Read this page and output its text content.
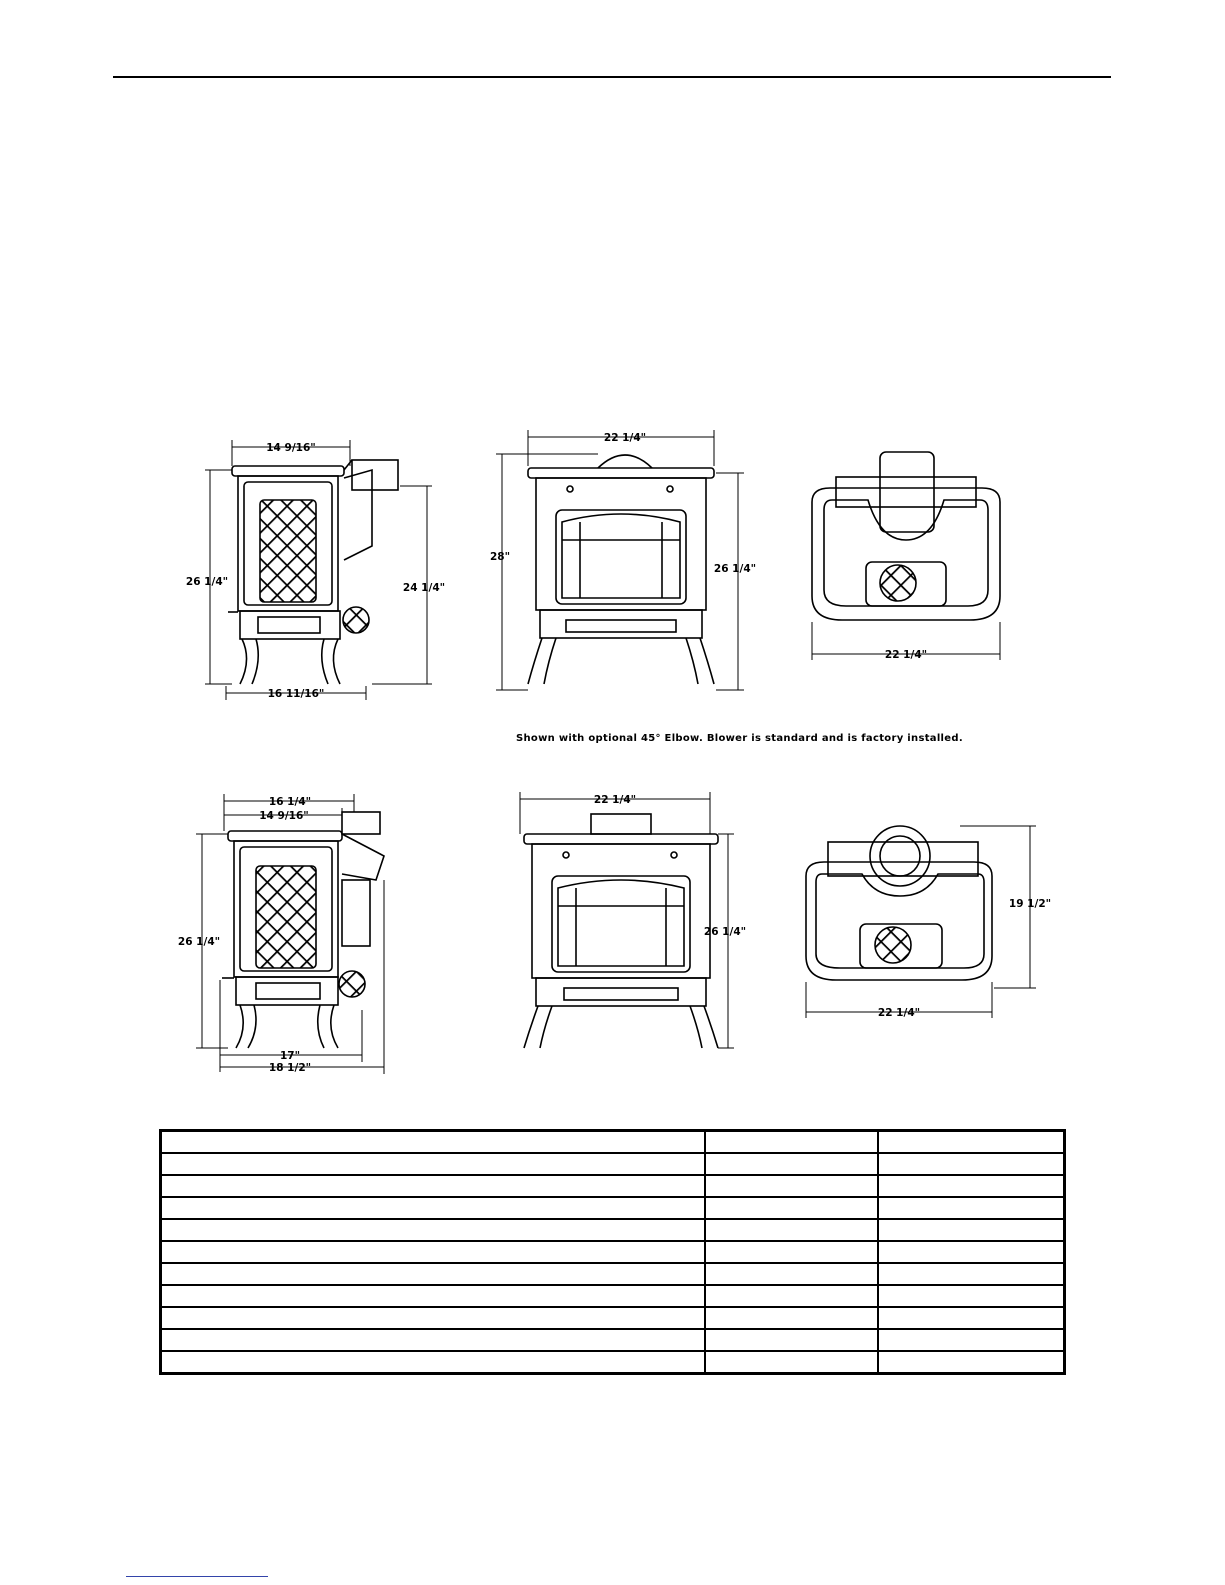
14 9/16"
26 1/4"	24 1/4"
16 11/16"
22 1/4"
28"
26 1/4"
22 1/4"
16 1/4"
14 9/16"
26 1/4"
17"
18 1/2"
22 1/4"
26 1/4"
22 1/4"
19 1/2"
Shown with optional 45° Elbow. Blower is standard and is factory installed.
